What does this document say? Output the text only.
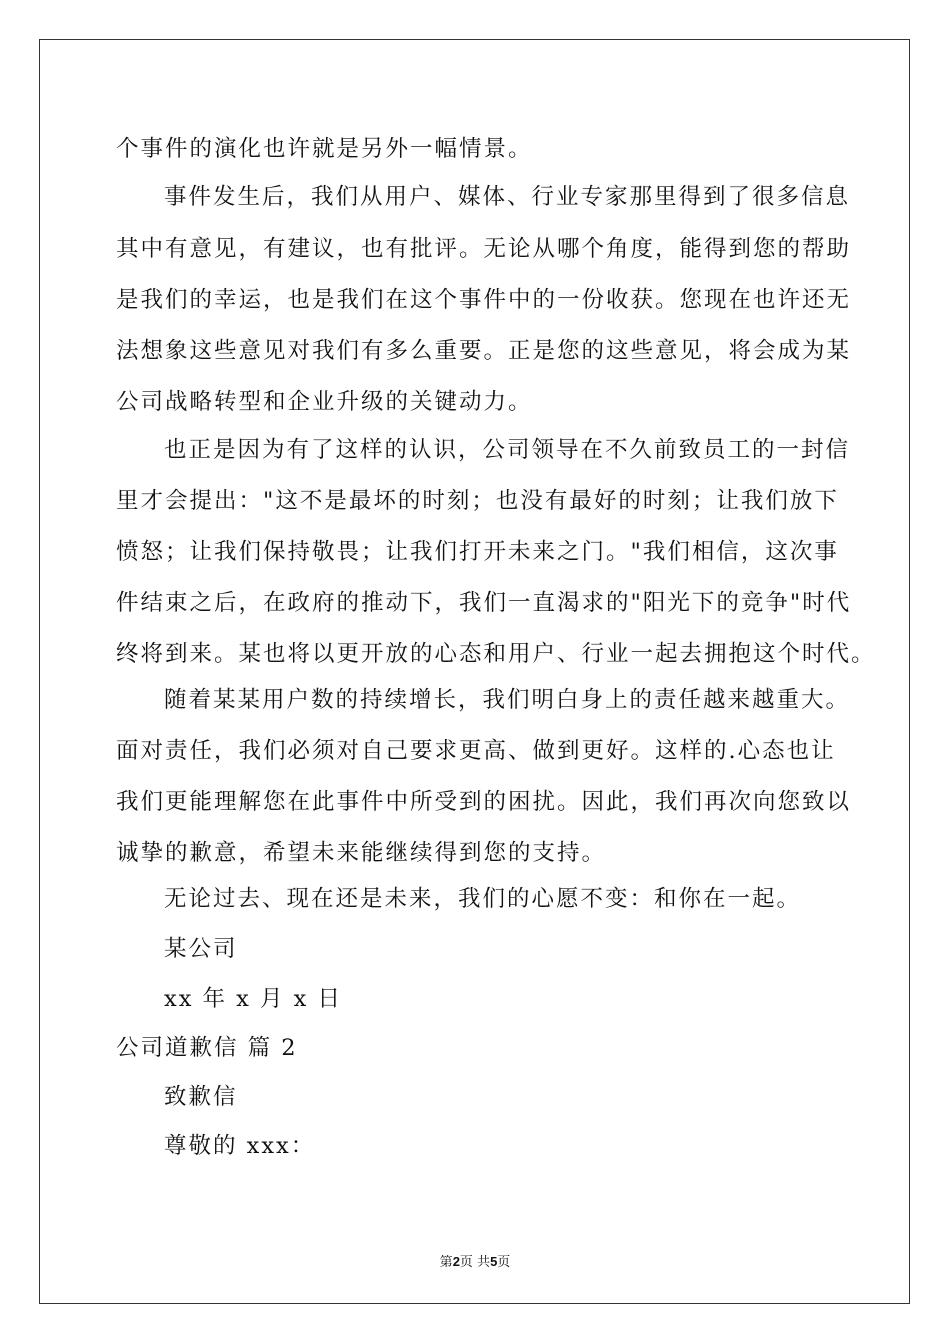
个事件的演化也许就是另外一幅情景。

事件发生后，我们从用户、媒体、行业专家那里得到了很多信息

其中有意见，有建议，也有批评。无论从哪个角度，能得到您的帮助

是我们的幸运，也是我们在这个事件中的一份收获。您现在也许还无

法想象这些意见对我们有多么重要。正是您的这些意见，将会成为某

公司战略转型和企业升级的关键动力。

也正是因为有了这样的认识，公司领导在不久前致员工的一封信

里才会提出："这不是最坏的时刻；也没有最好的时刻；让我们放下

愤怒；让我们保持敬畏；让我们打开未来之门。"我们相信，这次事

件结束之后，在政府的推动下，我们一直渴求的"阳光下的竞争"时代

终将到来。某也将以更开放的心态和用户、行业一起去拥抱这个时代。

随着某某用户数的持续增长，我们明白身上的责任越来越重大。

面对责任，我们必须对自己要求更高、做到更好。这样的.心态也让

我们更能理解您在此事件中所受到的困扰。因此，我们再次向您致以

诚挚的歉意，希望未来能继续得到您的支持。

无论过去、现在还是未来，我们的心愿不变：和你在一起。

某公司

xx 年 x 月 x 日

公司道歉信 篇 2

致歉信

尊敬的 xxx：

第2页 共5页
